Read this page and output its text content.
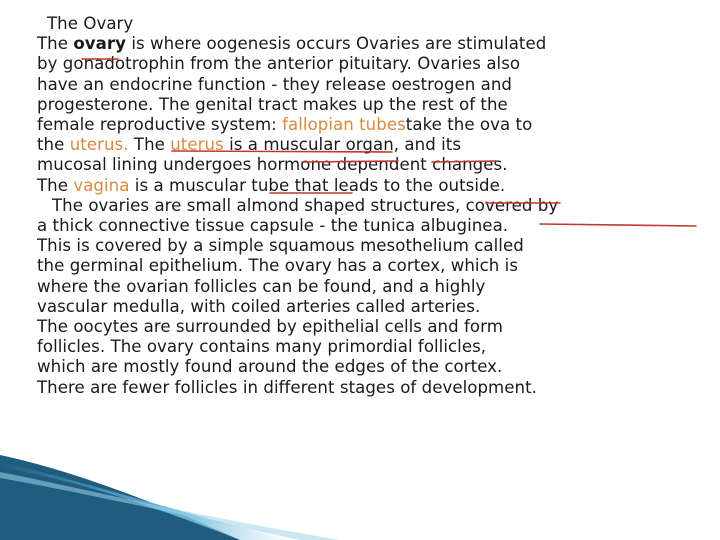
The Ovary
The ovary is where oogenesis occurs Ovaries are stimulated
by gonadotrophin from the anterior pituitary. Ovaries also
have an endocrine function - they release oestrogen and
progesterone. The genital tract makes up the rest of the
female reproductive system: fallopian tubestake the ova to
the uterus. The uterus is a muscular organ, and its
mucosal lining undergoes hormone dependent changes.
The vagina is a muscular tube that leads to the outside.
The ovaries are small almond shaped structures, covered by
a thick connective tissue capsule - the tunica albuginea.
This is covered by a simple squamous mesothelium called
the germinal epithelium. The ovary has a cortex, which is
where the ovarian follicles can be found, and a highly
vascular medulla, with coiled arteries called arteries.
The oocytes are surrounded by epithelial cells and form
follicles. The ovary contains many primordial follicles,
which are mostly found around the edges of the cortex.
There are fewer follicles in different stages of development.
